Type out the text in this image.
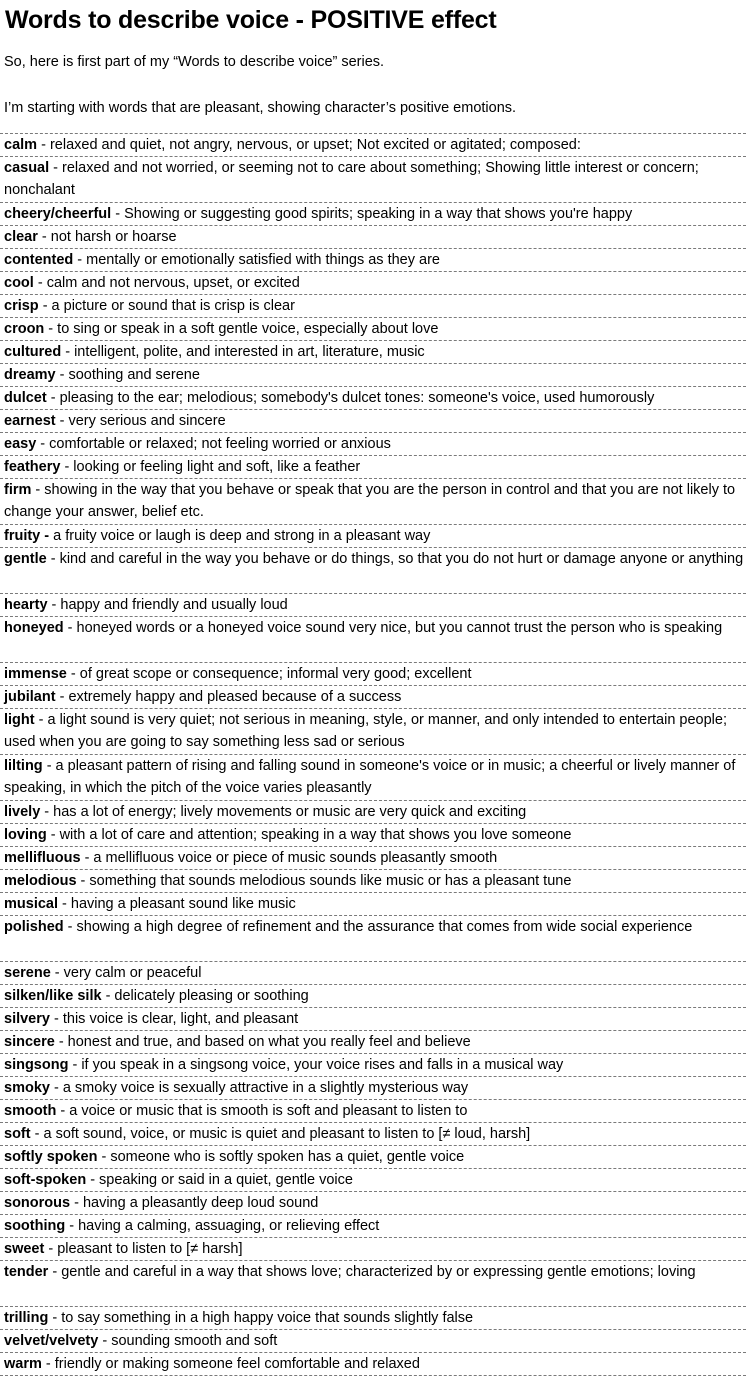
Words to describe voice - POSITIVE effect
So, here is first part of my “Words to describe voice” series.
I’m starting with words that are pleasant, showing character’s positive emotions.
calm - relaxed and quiet, not angry, nervous, or upset; Not excited or agitated; composed:
casual - relaxed and not worried, or seeming not to care about something; Showing little interest or concern; nonchalant
cheery/cheerful - Showing or suggesting good spirits; speaking in a way that shows you're happy
clear - not harsh or hoarse
contented - mentally or emotionally satisfied with things as they are
cool - calm and not nervous, upset, or excited
crisp - a picture or sound that is crisp is clear
croon - to sing or speak in a soft gentle voice, especially about love
cultured - intelligent, polite, and interested in art, literature, music
dreamy - soothing and serene
dulcet - pleasing to the ear; melodious; somebody's dulcet tones: someone's voice, used humorously
earnest - very serious and sincere
easy - comfortable or relaxed; not feeling worried or anxious
feathery - looking or feeling light and soft, like a feather
firm - showing in the way that you behave or speak that you are the person in control and that you are not likely to change your answer, belief etc.
fruity - a fruity voice or laugh is deep and strong in a pleasant way
gentle - kind and careful in the way you behave or do things, so that you do not hurt or damage anyone or anything
hearty - happy and friendly and usually loud
honeyed - honeyed words or a honeyed voice sound very nice, but you cannot trust the person who is speaking
immense - of great scope or consequence; informal very good; excellent
jubilant - extremely happy and pleased because of a success
light - a light sound is very quiet; not serious in meaning, style, or manner, and only intended to entertain people; used when you are going to say something less sad or serious
lilting - a pleasant pattern of rising and falling sound in someone's voice or in music; a cheerful or lively manner of speaking, in which the pitch of the voice varies pleasantly
lively - has a lot of energy; lively movements or music are very quick and exciting
loving - with a lot of care and attention; speaking in a way that shows you love someone
mellifluous - a mellifluous voice or piece of music sounds pleasantly smooth
melodious - something that sounds melodious sounds like music or has a pleasant tune
musical - having a pleasant sound like music
polished - showing a high degree of refinement and the assurance that comes from wide social experience
serene - very calm or peaceful
silken/like silk - delicately pleasing or soothing
silvery - this voice is clear, light, and pleasant
sincere - honest and true, and based on what you really feel and believe
singsong - if you speak in a singsong voice, your voice rises and falls in a musical way
smoky - a smoky voice is sexually attractive in a slightly mysterious way
smooth - a voice or music that is smooth is soft and pleasant to listen to
soft - a soft sound, voice, or music is quiet and pleasant to listen to [≠ loud, harsh]
softly spoken - someone who is softly spoken has a quiet, gentle voice
soft-spoken - speaking or said in a quiet, gentle voice
sonorous - having a pleasantly deep loud sound
soothing - having a calming, assuaging, or relieving effect
sweet - pleasant to listen to [≠ harsh]
tender - gentle and careful in a way that shows love; characterized by or expressing gentle emotions; loving
trilling - to say something in a high happy voice that sounds slightly false
velvet/velvety - sounding smooth and soft
warm - friendly or making someone feel comfortable and relaxed
